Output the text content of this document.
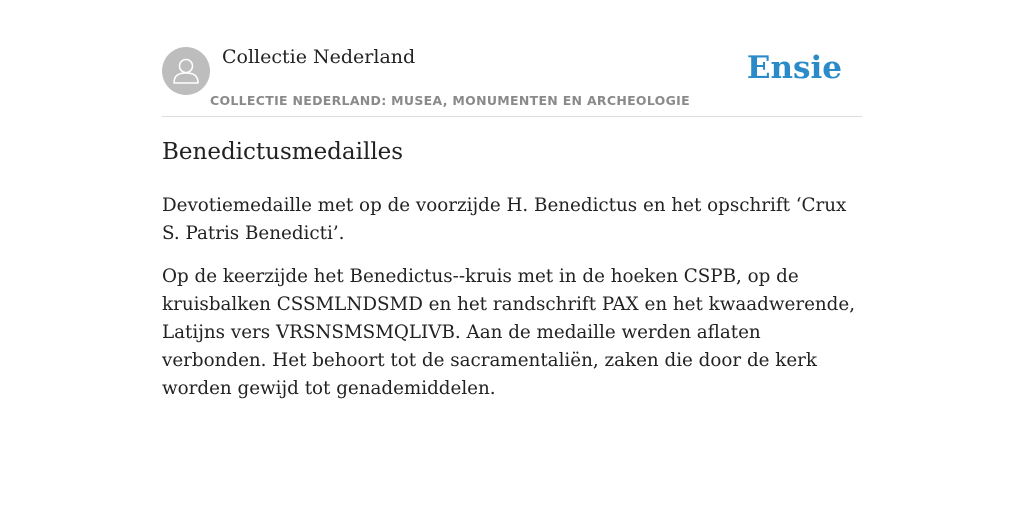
Collectie Nederland
COLLECTIE NEDERLAND: MUSEA, MONUMENTEN EN ARCHEOLOGIE
Ensie
Benedictusmedailles

Devotiemedaille met op de voorzijde H. Benedictus en het opschrift ‘Crux S. Patris Benedicti’.

Op de keerzijde het Benedictus--kruis met in de hoeken CSPB, op de kruisbalken CSSMLNDSMD en het randschrift PAX en het kwaadwerende, Latijns vers VRSNSMSMQLIVB. Aan de medaille werden aflaten verbonden. Het behoort tot de sacramentaliën, zaken die door de kerk worden gewijd tot genademiddelen.
